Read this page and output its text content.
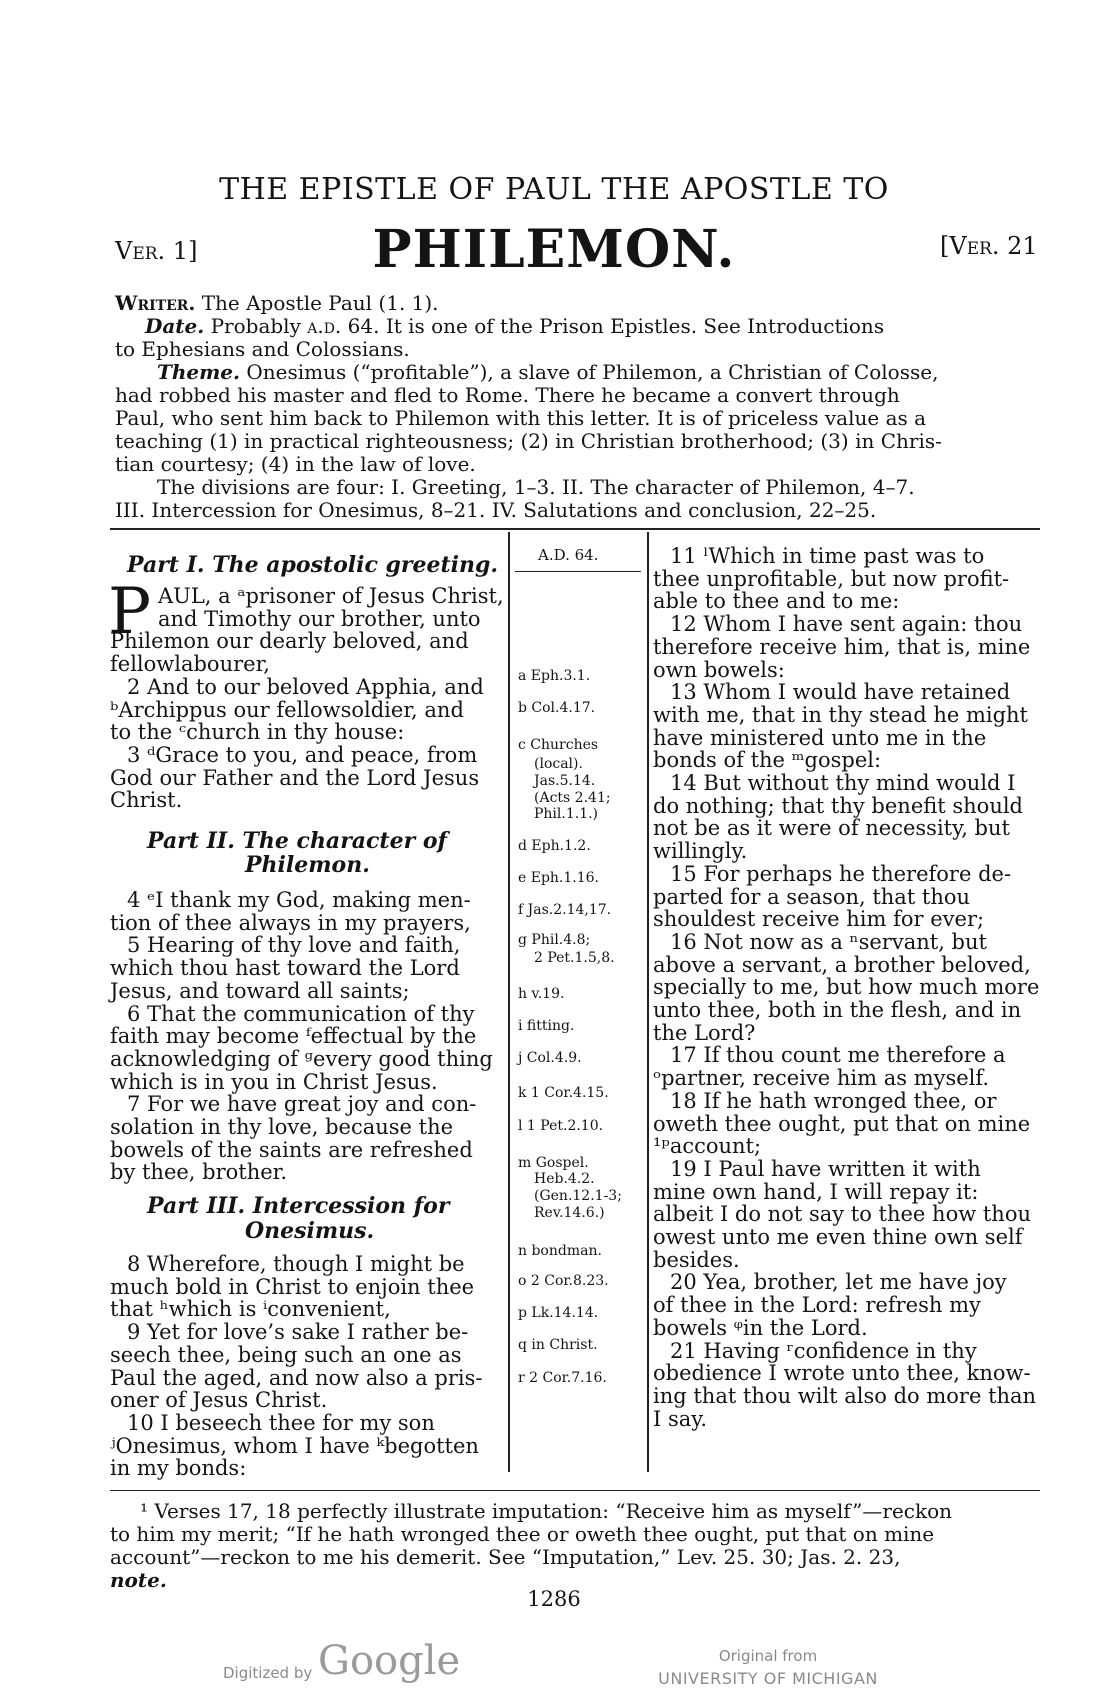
THE EPISTLE OF PAUL THE APOSTLE TO
Ver. 1]	PHILEMON.	[Ver. 21
Writer. The Apostle Paul (1. 1).
Date. Probably a.d. 64. It is one of the Prison Epistles. See Introductions
to Ephesians and Colossians.
Theme. Onesimus (“profitable”), a slave of Philemon, a Christian of Colosse,
had robbed his master and fled to Rome. There he became a convert through
Paul, who sent him back to Philemon with this letter. It is of priceless value as a
teaching (1) in practical righteousness; (2) in Christian brotherhood; (3) in Chris-
tian courtesy; (4) in the law of love.
The divisions are four: I. Greeting, 1–3. II. The character of Philemon, 4–7.
III. Intercession for Onesimus, 8–21. IV. Salutations and conclusion, 22–25.
A.D. 64.
a Eph.3.1.
b Col.4.17.
c Churches
(local).
Jas.5.14.
(Acts 2.41;
Phil.1.1.)
d Eph.1.2.
e Eph.1.16.
f Jas.2.14,17.
g Phil.4.8;
2 Pet.1.5,8.
h v.19.
i fitting.
j Col.4.9.
k 1 Cor.4.15.
l 1 Pet.2.10.
m Gospel.
Heb.4.2.
(Gen.12.1-3;
Rev.14.6.)
n bondman.
o 2 Cor.8.23.
p Lk.14.14.
q in Christ.
r 2 Cor.7.16.
Part I. The apostolic greeting.
P AUL, a ᵃprisoner of Jesus Christ,
and Timothy our brother, unto
Philemon our dearly beloved, and
fellowlabourer,
2 And to our beloved Apphia, and
ᵇArchippus our fellowsoldier, and
to the ᶜchurch in thy house:
3 ᵈGrace to you, and peace, from
God our Father and the Lord Jesus
Christ.
Part II. The character of
Philemon.
4 ᵉI thank my God, making men-
tion of thee always in my prayers,
5 Hearing of thy love and faith,
which thou hast toward the Lord
Jesus, and toward all saints;
6 That the communication of thy
faith may become ᶠeffectual by the
acknowledging of ᵍevery good thing
which is in you in Christ Jesus.
7 For we have great joy and con-
solation in thy love, because the
bowels of the saints are refreshed
by thee, brother.
Part III. Intercession for
Onesimus.
8 Wherefore, though I might be
much bold in Christ to enjoin thee
that ʰwhich is ⁱconvenient,
9 Yet for love’s sake I rather be-
seech thee, being such an one as
Paul the aged, and now also a pris-
oner of Jesus Christ.
10 I beseech thee for my son
ʲOnesimus, whom I have ᵏbegotten
in my bonds:
11 ˡWhich in time past was to
thee unprofitable, but now profit-
able to thee and to me:
12 Whom I have sent again: thou
therefore receive him, that is, mine
own bowels:
13 Whom I would have retained
with me, that in thy stead he might
have ministered unto me in the
bonds of the ᵐgospel:
14 But without thy mind would I
do nothing; that thy benefit should
not be as it were of necessity, but
willingly.
15 For perhaps he therefore de-
parted for a season, that thou
shouldest receive him for ever;
16 Not now as a ⁿservant, but
above a servant, a brother beloved,
specially to me, but how much more
unto thee, both in the flesh, and in
the Lord?
17 If thou count me therefore a
ᵒpartner, receive him as myself.
18 If he hath wronged thee, or
oweth thee ought, put that on mine
¹ᵖaccount;
19 I Paul have written it with
mine own hand, I will repay it:
albeit I do not say to thee how thou
owest unto me even thine own self
besides.
20 Yea, brother, let me have joy
of thee in the Lord: refresh my
bowels ᵠin the Lord.
21 Having ʳconfidence in thy
obedience I wrote unto thee, know-
ing that thou wilt also do more than
I say.
¹ Verses 17, 18 perfectly illustrate imputation: “Receive him as myself”—reckon
to him my merit; “If he hath wronged thee or oweth thee ought, put that on mine
account”—reckon to me his demerit. See “Imputation,” Lev. 25. 30; Jas. 2. 23,
note.
1286
Digitized by Google	Original from
UNIVERSITY OF MICHIGAN
